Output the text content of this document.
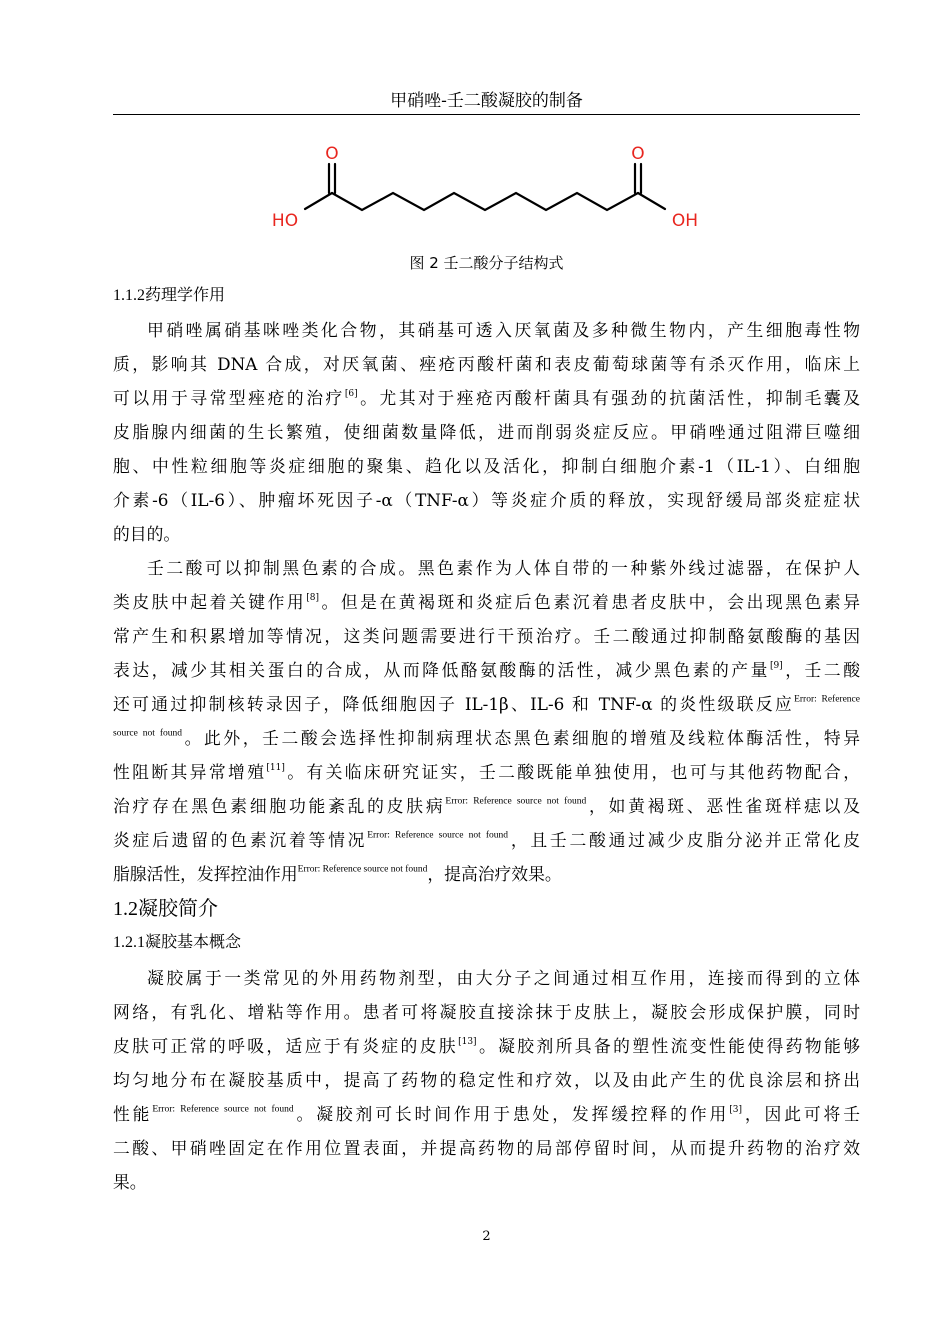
甲硝唑-壬二酸凝胶的制备
O	O
HO	OH
图 2 壬二酸分子结构式
1.1.2药理学作用
甲硝唑属硝基咪唑类化合物，其硝基可透入厌氧菌及多种微生物内，产生细胞毒性物
质，影响其 DNA 合成，对厌氧菌、痤疮丙酸杆菌和表皮葡萄球菌等有杀灭作用，临床上
可以用于寻常型痤疮的治疗[6]。尤其对于痤疮丙酸杆菌具有强劲的抗菌活性，抑制毛囊及
皮脂腺内细菌的生长繁殖，使细菌数量降低，进而削弱炎症反应。甲硝唑通过阻滞巨噬细
胞、中性粒细胞等炎症细胞的聚集、趋化以及活化，抑制白细胞介素-1（IL-1）、白细胞
介素-6（IL-6）、肿瘤坏死因子-α（TNF-α）等炎症介质的释放，实现舒缓局部炎症症状
的目的。
壬二酸可以抑制黑色素的合成。黑色素作为人体自带的一种紫外线过滤器，在保护人
类皮肤中起着关键作用[8]。但是在黄褐斑和炎症后色素沉着患者皮肤中，会出现黑色素异
常产生和积累增加等情况，这类问题需要进行干预治疗。壬二酸通过抑制酪氨酸酶的基因
表达，减少其相关蛋白的合成，从而降低酪氨酸酶的活性，减少黑色素的产量[9]，壬二酸
还可通过抑制核转录因子，降低细胞因子 IL-1β、IL-6 和 TNF-α 的炎性级联反应$^{Error: Reference}$
$^{source not found}$。此外，壬二酸会选择性抑制病理状态黑色素细胞的增殖及线粒体酶活性，特异
性阻断其异常增殖[11]。有关临床研究证实，壬二酸既能单独使用，也可与其他药物配合，
治疗存在黑色素细胞功能紊乱的皮肤病$^{Error: Reference source not found}$，如黄褐斑、恶性雀斑样痣以及
炎症后遗留的色素沉着等情况$^{Error: Reference source not found}$，且壬二酸通过减少皮脂分泌并正常化皮
脂腺活性，发挥控油作用$^{Error: Reference source not found}$，提高治疗效果。
1.2凝胶简介
1.2.1凝胶基本概念
凝胶属于一类常见的外用药物剂型，由大分子之间通过相互作用，连接而得到的立体
网络，有乳化、增粘等作用。患者可将凝胶直接涂抹于皮肤上，凝胶会形成保护膜，同时
皮肤可正常的呼吸，适应于有炎症的皮肤[13]。凝胶剂所具备的塑性流变性能使得药物能够
均匀地分布在凝胶基质中，提高了药物的稳定性和疗效，以及由此产生的优良涂层和挤出
性能$^{Error: Reference source not found}$。凝胶剂可长时间作用于患处，发挥缓控释的作用[3]，因此可将壬
二酸、甲硝唑固定在作用位置表面，并提高药物的局部停留时间，从而提升药物的治疗效
果。
2
